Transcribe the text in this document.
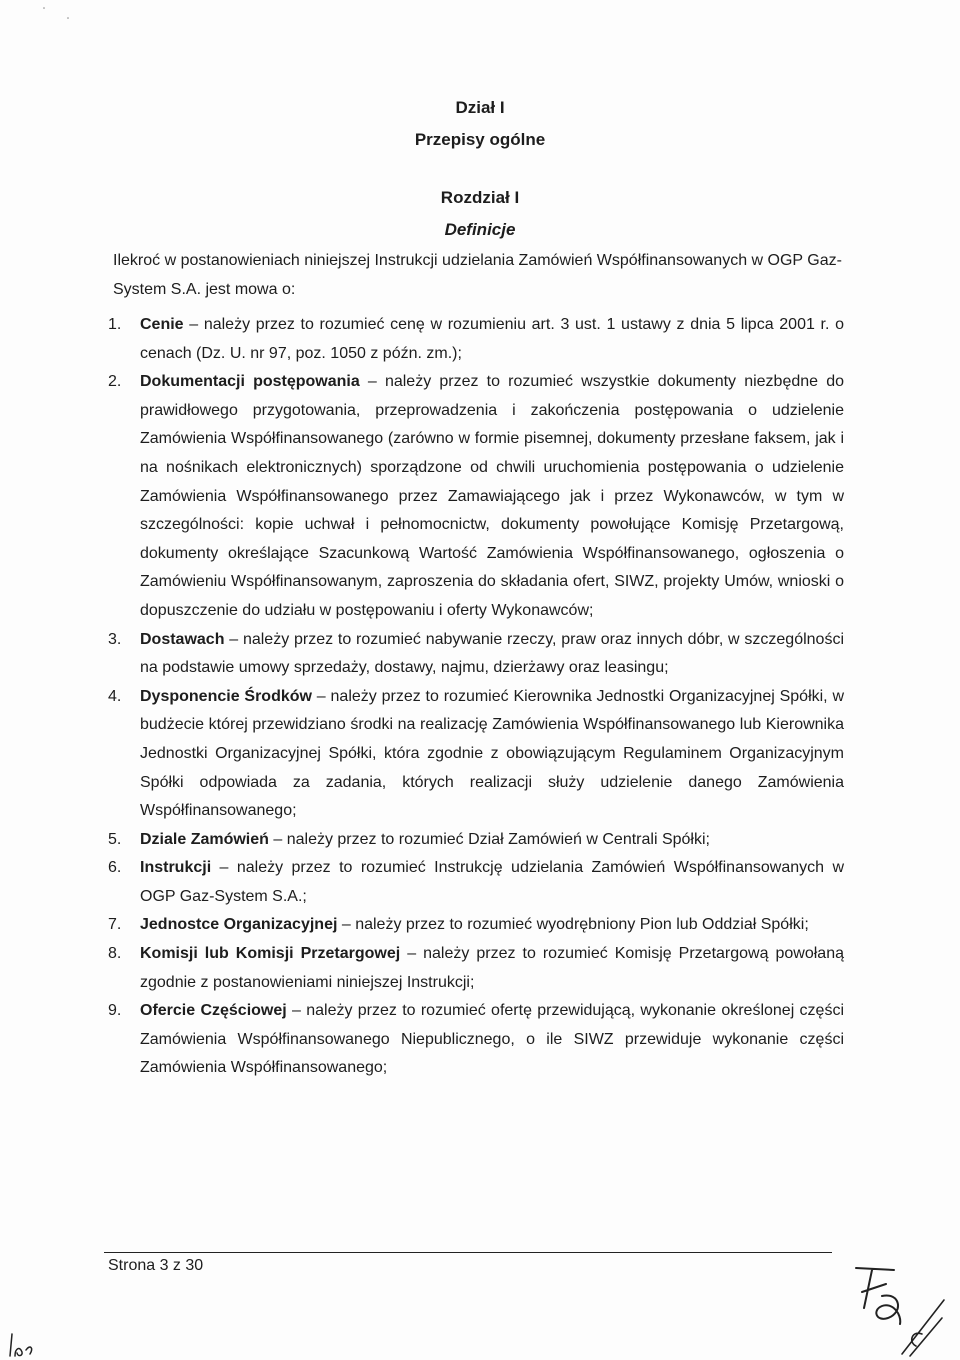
Dział I
Przepisy ogólne
Rozdział I
Definicje
Ilekroć w postanowieniach niniejszej Instrukcji udzielania Zamówień Współfinansowanych w OGP Gaz-System S.A. jest mowa o:
1. Cenie – należy przez to rozumieć cenę w rozumieniu art. 3 ust. 1 ustawy z dnia 5 lipca 2001 r. o cenach (Dz. U. nr 97, poz. 1050 z późn. zm.);
2. Dokumentacji postępowania – należy przez to rozumieć wszystkie dokumenty niezbędne do prawidłowego przygotowania, przeprowadzenia i zakończenia postępowania o udzielenie Zamówienia Współfinansowanego (zarówno w formie pisemnej, dokumenty przesłane faksem, jak i na nośnikach elektronicznych) sporządzone od chwili uruchomienia postępowania o udzielenie Zamówienia Współfinansowanego przez Zamawiającego jak i przez Wykonawców, w tym w szczególności: kopie uchwał i pełnomocnictw, dokumenty powołujące Komisję Przetargową, dokumenty określające Szacunkową Wartość Zamówienia Współfinansowanego, ogłoszenia o Zamówieniu Współfinansowanym, zaproszenia do składania ofert, SIWZ, projekty Umów, wnioski o dopuszczenie do udziału w postępowaniu i oferty Wykonawców;
3. Dostawach – należy przez to rozumieć nabywanie rzeczy, praw oraz innych dóbr, w szczególności na podstawie umowy sprzedaży, dostawy, najmu, dzierżawy oraz leasingu;
4. Dysponencie Środków – należy przez to rozumieć Kierownika Jednostki Organizacyjnej Spółki, w budżecie której przewidziano środki na realizację Zamówienia Współfinansowanego lub Kierownika Jednostki Organizacyjnej Spółki, która zgodnie z obowiązującym Regulaminem Organizacyjnym Spółki odpowiada za zadania, których realizacji służy udzielenie danego Zamówienia Współfinansowanego;
5. Dziale Zamówień – należy przez to rozumieć Dział Zamówień w Centrali Spółki;
6. Instrukcji – należy przez to rozumieć Instrukcję udzielania Zamówień Współfinansowanych w OGP Gaz-System S.A.;
7. Jednostce Organizacyjnej – należy przez to rozumieć wyodrębniony Pion lub Oddział Spółki;
8. Komisji lub Komisji Przetargowej – należy przez to rozumieć Komisję Przetargową powołaną zgodnie z postanowieniami niniejszej Instrukcji;
9. Ofercie Częściowej – należy przez to rozumieć ofertę przewidującą, wykonanie określonej części Zamówienia Współfinansowanego Niepublicznego, o ile SIWZ przewiduje wykonanie części Zamówienia Współfinansowanego;
Strona 3 z 30
